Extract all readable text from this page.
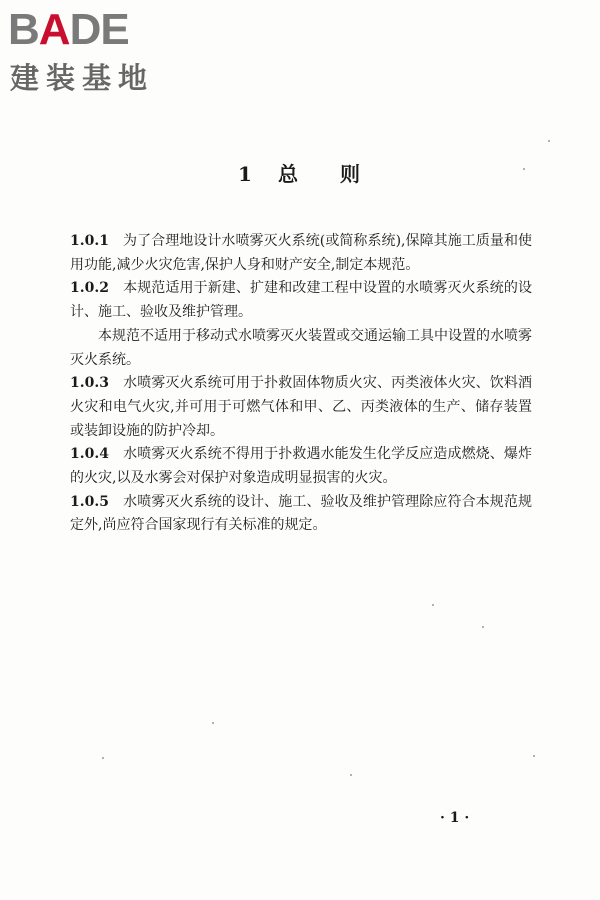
BADE
建装基地
1 总 则

1.0.1 为了合理地设计水喷雾灭火系统(或简称系统),保障其施工质量和使用功能,减少火灾危害,保护人身和财产安全,制定本规范。

1.0.2 本规范适用于新建、扩建和改建工程中设置的水喷雾灭火系统的设计、施工、验收及维护管理。

本规范不适用于移动式水喷雾灭火装置或交通运输工具中设置的水喷雾灭火系统。

1.0.3 水喷雾灭火系统可用于扑救固体物质火灾、丙类液体火灾、饮料酒火灾和电气火灾,并可用于可燃气体和甲、乙、丙类液体的生产、储存装置或装卸设施的防护冷却。

1.0.4 水喷雾灭火系统不得用于扑救遇水能发生化学反应造成燃烧、爆炸的火灾,以及水雾会对保护对象造成明显损害的火灾。

1.0.5 水喷雾灭火系统的设计、施工、验收及维护管理除应符合本规范规定外,尚应符合国家现行有关标准的规定。

· 1 ·
